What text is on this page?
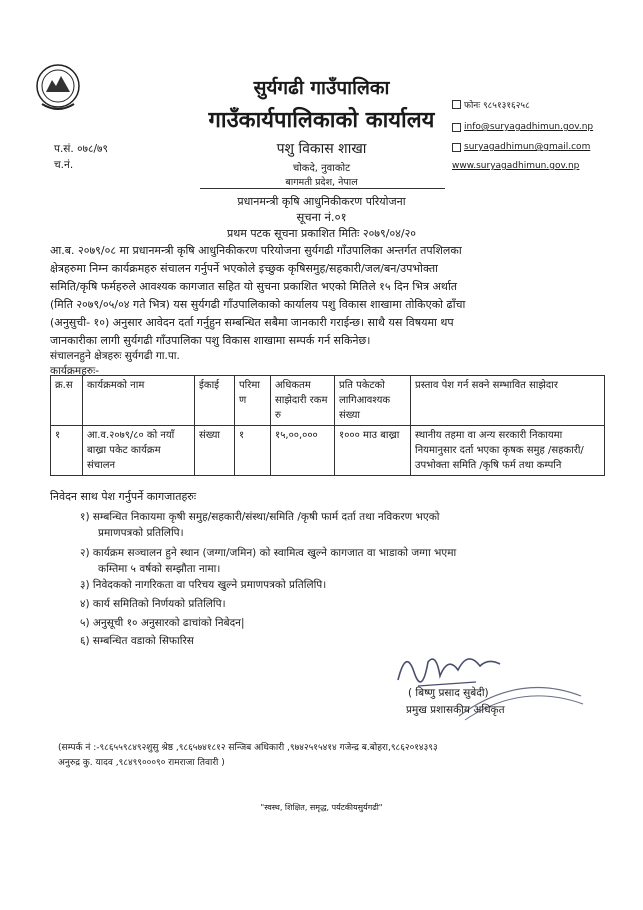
प.सं. ०७८/७९
च.नं.
सुर्यगढी गाउँपालिका
गाउँकार्यपालिकाको कार्यालय
पशु विकास शाखा
चोकदे, नुवाकोट
बागमती प्रदेश, नेपाल
फोनः ९८५१३१६२५८
info@suryagadhimun.gov.np
suryagadhimun@gmail.com
www.suryagadhimun.gov.np
प्रधानमन्त्री कृषि आधुनिकीकरण परियोजना
सूचना नं.०१
प्रथम पटक सूचना प्रकाशित मितिः २०७९/०४/२०
आ.ब. २०७९/०८ मा प्रधानमन्त्री कृषि आधुनिकीकरण परियोजना सुर्यगढी गाँउपालिका अन्तर्गत तपशिलका
क्षेत्रहरुमा निम्न कार्यक्रमहरु संचालन गर्नुपर्ने भएकोले इच्छुक कृषिसमुह/सहकारी/जल/बन/उपभोक्ता
समिति/कृषि फर्महरुले आवश्यक कागजात सहित यो सुचना प्रकाशित भएको मितिले १५ दिन भित्र अर्थात
(मिति २०७९/०५/०४ गते भित्र) यस सुर्यगढी गाँउपालिकाको कार्यालय पशु विकास शाखामा तोकिएको ढाँचा
(अनुसुची- १०) अनुसार आवेदन दर्ता गर्नुहुन सम्बन्धित सबैमा जानकारी गराईन्छ। साथै यस विषयमा थप
जानकारीका लागी सुर्यगढी गाँउपालिका पशु विकास शाखामा सम्पर्क गर्न सकिनेछ।
संचालनहुने क्षेत्रहरुः सुर्यगढी गा.पा.
कार्यक्रमहरुः-
क्र.स	कार्यक्रमको नाम	ईकाई	परिमा ण	अधिकतम साझेदारी रकम रु	प्रति पकेटको लागिआवश्यक संख्या	प्रस्ताव पेश गर्न सक्ने सम्भावित साझेदार
१	आ.व.२०७९/८० को नयाँ बाख्रा पकेट कार्यक्रम संचालन	संख्या	१	१५,००,०००	१००० माउ बाख्रा	स्थानीय तहमा वा अन्य सरकारी निकायमा नियमानुसार दर्ता भएका कृषक समुह /सहकारी/उपभोक्ता समिति /कृषि फर्म तथा कम्पनि
निवेदन साथ पेश गर्नुपर्ने कागजातहरुः
१) सम्बन्धित निकायमा कृषी समुह/सहकारी/संस्था/समिति /कृषी फार्म दर्ता तथा नविकरण भएको
प्रमाणपत्रको प्रतिलिपि।
२) कार्यक्रम सञ्चालन हुने स्थान (जग्गा/जमिन) को स्वामित्व खुल्ने कागजात वा भाडाको जग्गा भएमा
कम्तिमा ५ वर्षको सम्झौता नामा।
३) निवेदकको नागरिकता वा परिचय खुल्ने प्रमाणपत्रको प्रतिलिपि।
४) कार्य समितिको निर्णयको प्रतिलिपि।
५) अनुसूची १० अनुसारको ढाचांको निबेदन|
६) सम्बन्धित वडाको सिफारिस
( बिष्णु प्रसाद सुबेदी)
प्रमुख प्रशासकीय अधिकृत
(सम्पर्क नं :-९८६५५९८४९२शुसु श्रेष्ठ ,९८६५७४१८१२ सन्जिब अधिकारी ,९७४२५१५४१४ गजेन्द्र ब.बोहरा,९८६२०१४३९३
अनुरुद्र कु. यादव ,९८४९९०००९० रामराजा तिवारी )
"स्वस्थ, शिक्षित, समृद्ध, पर्यटकीयसुर्यगढी"
